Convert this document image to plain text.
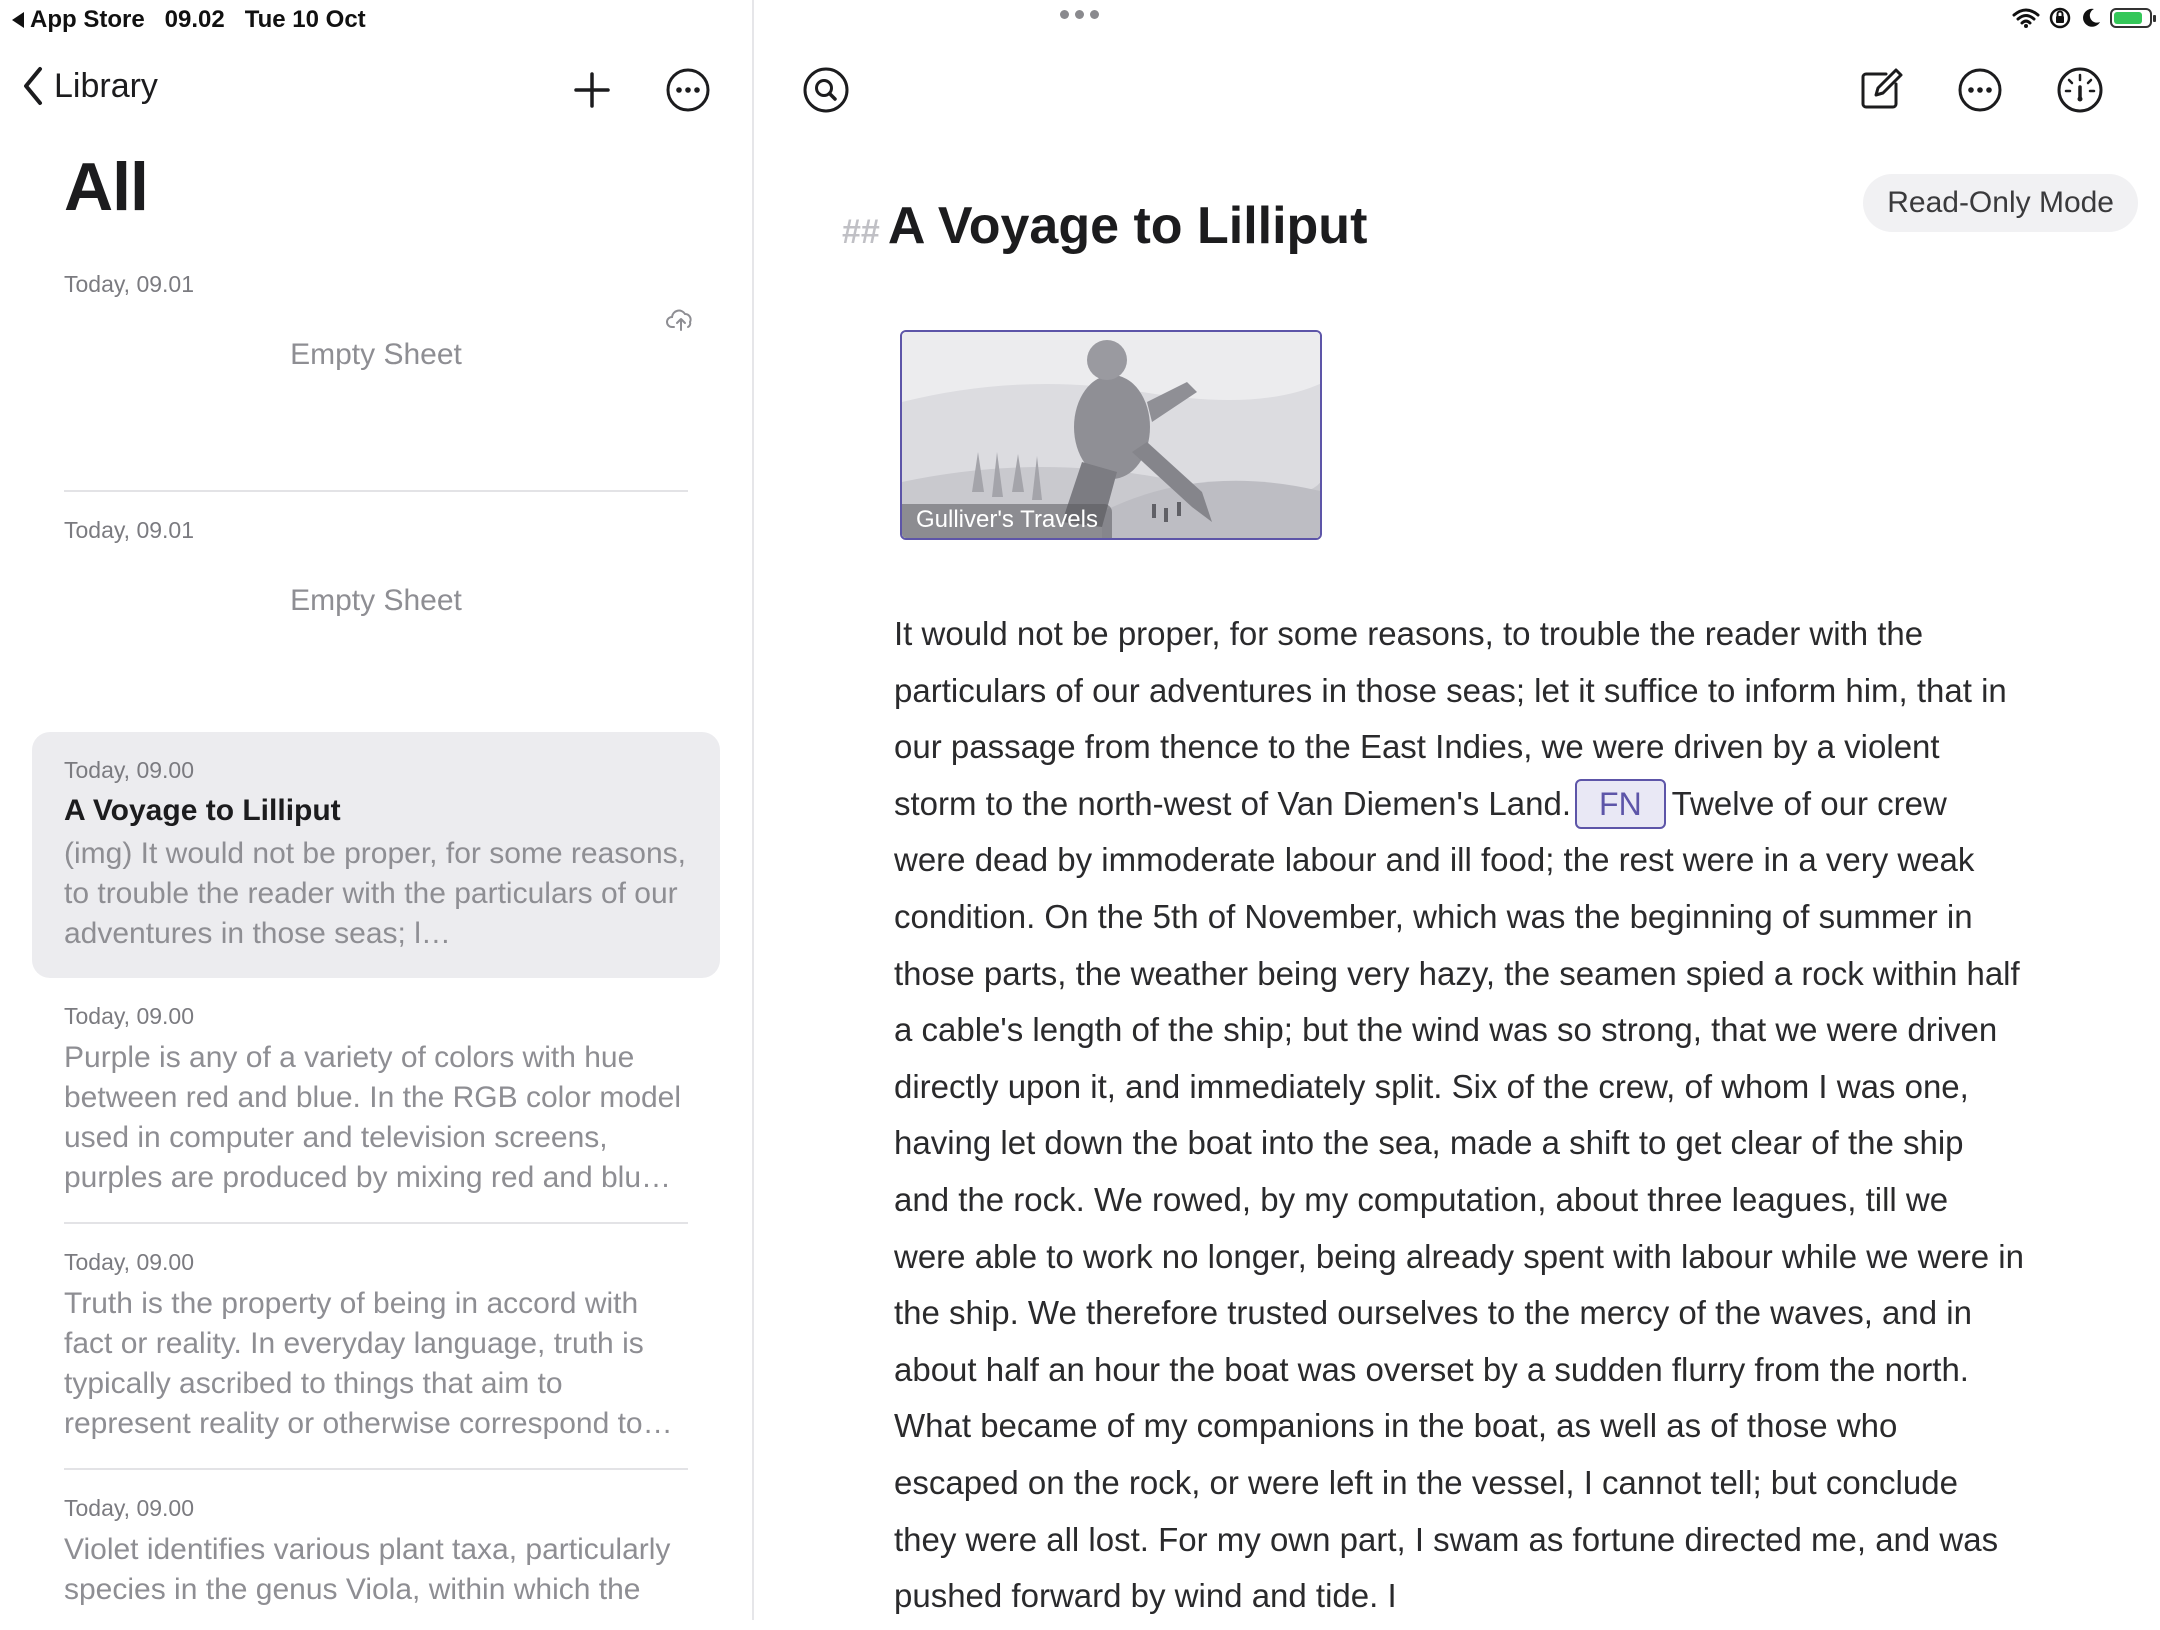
App Store 09.02 Tue 10 Oct
Library
All
Today, 09.01
Empty Sheet
Today, 09.01
Empty Sheet
Today, 09.00
A Voyage to Lilliput
(img) It would not be proper, for some reasons, to trouble the reader with the particulars of our adventures in those seas; l…
Today, 09.00
Purple is any of a variety of colors with hue between red and blue. In the RGB color model used in computer and television screens, purples are produced by mixing red and blu…
Today, 09.00
Truth is the property of being in accord with fact or reality. In everyday language, truth is typically ascribed to things that aim to represent reality or otherwise correspond to…
Today, 09.00
Violet identifies various plant taxa, particularly species in the genus Viola, within which the
Read-Only Mode
## A Voyage to Lilliput
Gulliver's Travels
It would not be proper, for some reasons, to trouble the reader with the particulars of our adventures in those seas; let it suffice to inform him, that in our passage from thence to the East Indies, we were driven by a violent storm to the north-west of Van Diemen's Land. FN Twelve of our crew were dead by immoderate labour and ill food; the rest were in a very weak condition. On the 5th of November, which was the beginning of summer in those parts, the weather being very hazy, the seamen spied a rock within half a cable's length of the ship; but the wind was so strong, that we were driven directly upon it, and immediately split. Six of the crew, of whom I was one, having let down the boat into the sea, made a shift to get clear of the ship and the rock. We rowed, by my computation, about three leagues, till we were able to work no longer, being already spent with labour while we were in the ship. We therefore trusted ourselves to the mercy of the waves, and in about half an hour the boat was overset by a sudden flurry from the north. What became of my companions in the boat, as well as of those who escaped on the rock, or were left in the vessel, I cannot tell; but conclude they were all lost. For my own part, I swam as fortune directed me, and was pushed forward by wind and tide. I
